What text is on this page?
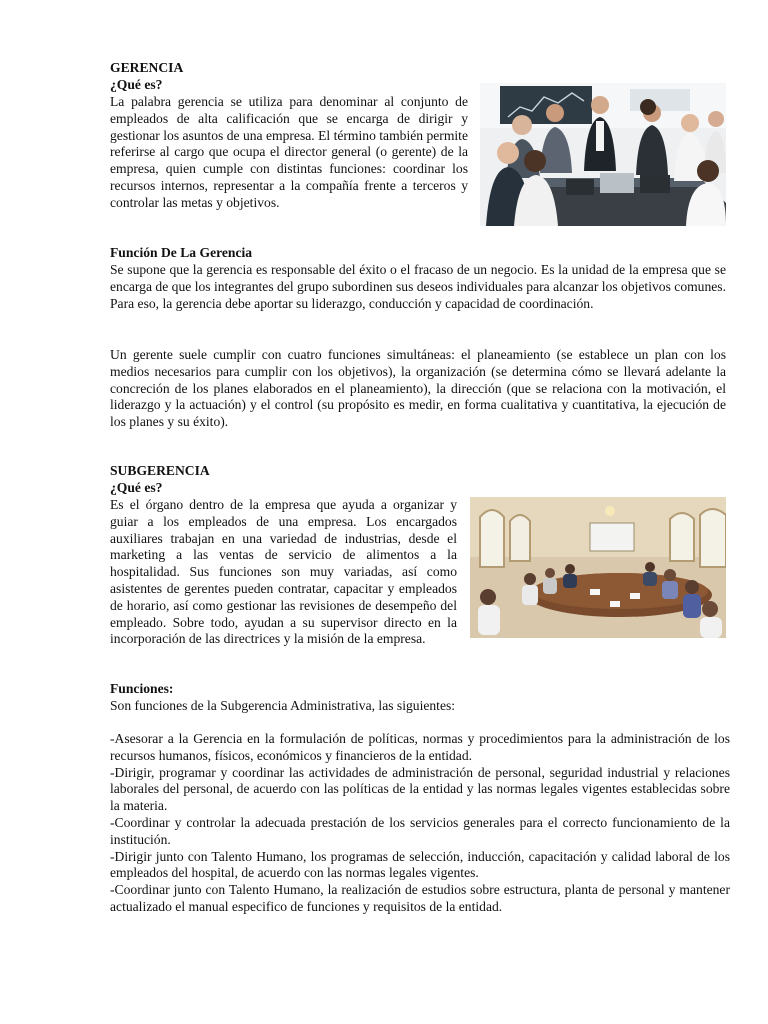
GERENCIA

¿Qué es?

La palabra gerencia se utiliza para denominar al conjunto de empleados de alta calificación que se encarga de dirigir y gestionar los asuntos de una empresa. El término también permite referirse al cargo que ocupa el director general (o gerente) de la empresa, quien cumple con distintas funciones: coordinar los recursos internos, representar a la compañía frente a terceros y controlar las metas y objetivos.

Función De La Gerencia

Se supone que la gerencia es responsable del éxito o el fracaso de un negocio. Es la unidad de la empresa que se encarga de que los integrantes del grupo subordinen sus deseos individuales para alcanzar los objetivos comunes. Para eso, la gerencia debe aportar su liderazgo, conducción y capacidad de coordinación.

Un gerente suele cumplir con cuatro funciones simultáneas: el planeamiento (se establece un plan con los medios necesarios para cumplir con los objetivos), la organización (se determina cómo se llevará adelante la concreción de los planes elaborados en el planeamiento), la dirección (que se relaciona con la motivación, el liderazgo y la actuación) y el control (su propósito es medir, en forma cualitativa y cuantitativa, la ejecución de los planes y su éxito).

SUBGERENCIA

¿Qué es?

Es el órgano dentro de la empresa que ayuda a organizar y guiar a los empleados de una empresa. Los encargados auxiliares trabajan en una variedad de industrias, desde el marketing a las ventas de servicio de alimentos a la hospitalidad. Sus funciones son muy variadas, así como asistentes de gerentes pueden contratar, capacitar y empleados de horario, así como gestionar las revisiones de desempeño del empleado. Sobre todo, ayudan a su supervisor directo en la incorporación de las directrices y la misión de la empresa.

Funciones:

Son funciones de la Subgerencia Administrativa, las siguientes:

-Asesorar a la Gerencia en la formulación de políticas, normas y procedimientos para la administración de los recursos humanos, físicos, económicos y financieros de la entidad.

-Dirigir, programar y coordinar las actividades de administración de personal, seguridad industrial y relaciones laborales del personal, de acuerdo con las políticas de la entidad y las normas legales vigentes establecidas sobre la materia.

-Coordinar y controlar la adecuada prestación de los servicios generales para el correcto funcionamiento de la institución.

-Dirigir junto con Talento Humano, los programas de selección, inducción, capacitación y calidad laboral de los empleados del hospital, de acuerdo con las normas legales vigentes.

-Coordinar junto con Talento Humano, la realización de estudios sobre estructura, planta de personal y mantener actualizado el manual especifico de funciones y requisitos de la entidad.
